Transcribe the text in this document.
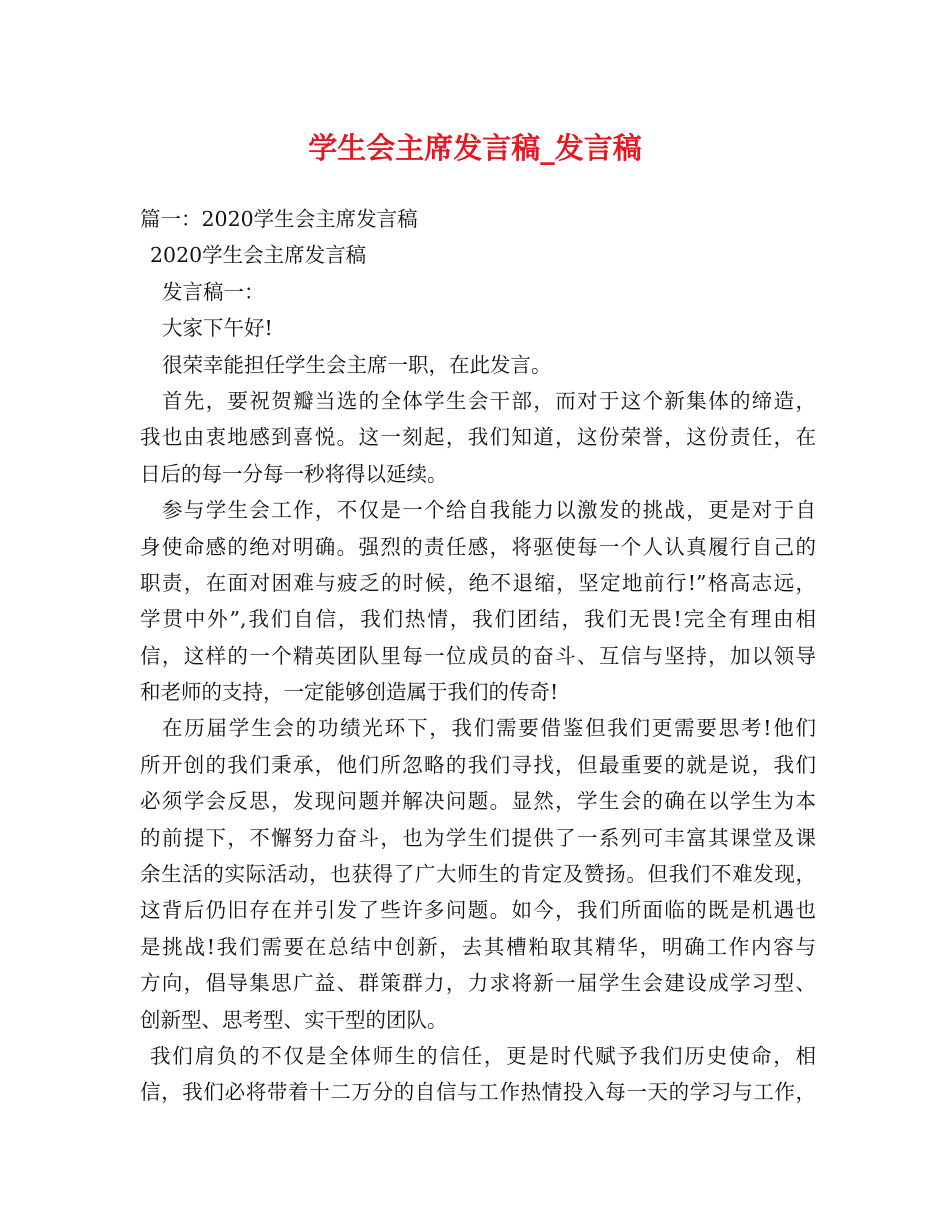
学生会主席发言稿_发言稿
篇一：2020学生会主席发言稿
2020学生会主席发言稿
发言稿一：
大家下午好!
很荣幸能担任学生会主席一职，在此发言。
首先，要祝贺瓣当选的全体学生会干部，而对于这个新集体的缔造，
我也由衷地感到喜悦。这一刻起，我们知道，这份荣誉，这份责任，在
日后的每一分每一秒将得以延续。
参与学生会工作，不仅是一个给自我能力以激发的挑战，更是对于自
身使命感的绝对明确。强烈的责任感，将驱使每一个人认真履行自己的
职责，在面对困难与疲乏的时候，绝不退缩，坚定地前行!”格高志远，
学贯中外”,我们自信，我们热情，我们团结，我们无畏!完全有理由相
信，这样的一个精英团队里每一位成员的奋斗、互信与坚持，加以领导
和老师的支持，一定能够创造属于我们的传奇!
在历届学生会的功绩光环下，我们需要借鉴但我们更需要思考!他们
所开创的我们秉承，他们所忽略的我们寻找，但最重要的就是说，我们
必须学会反思，发现问题并解决问题。显然，学生会的确在以学生为本
的前提下，不懈努力奋斗，也为学生们提供了一系列可丰富其课堂及课
余生活的实际活动，也获得了广大师生的肯定及赞扬。但我们不难发现，
这背后仍旧存在并引发了些许多问题。如今，我们所面临的既是机遇也
是挑战!我们需要在总结中创新，去其槽粕取其精华，明确工作内容与
方向，倡导集思广益、群策群力，力求将新一届学生会建设成学习型、
创新型、思考型、实干型的团队。
我们肩负的不仅是全体师生的信任，更是时代赋予我们历史使命，相
信，我们必将带着十二万分的自信与工作热情投入每一天的学习与工作，
